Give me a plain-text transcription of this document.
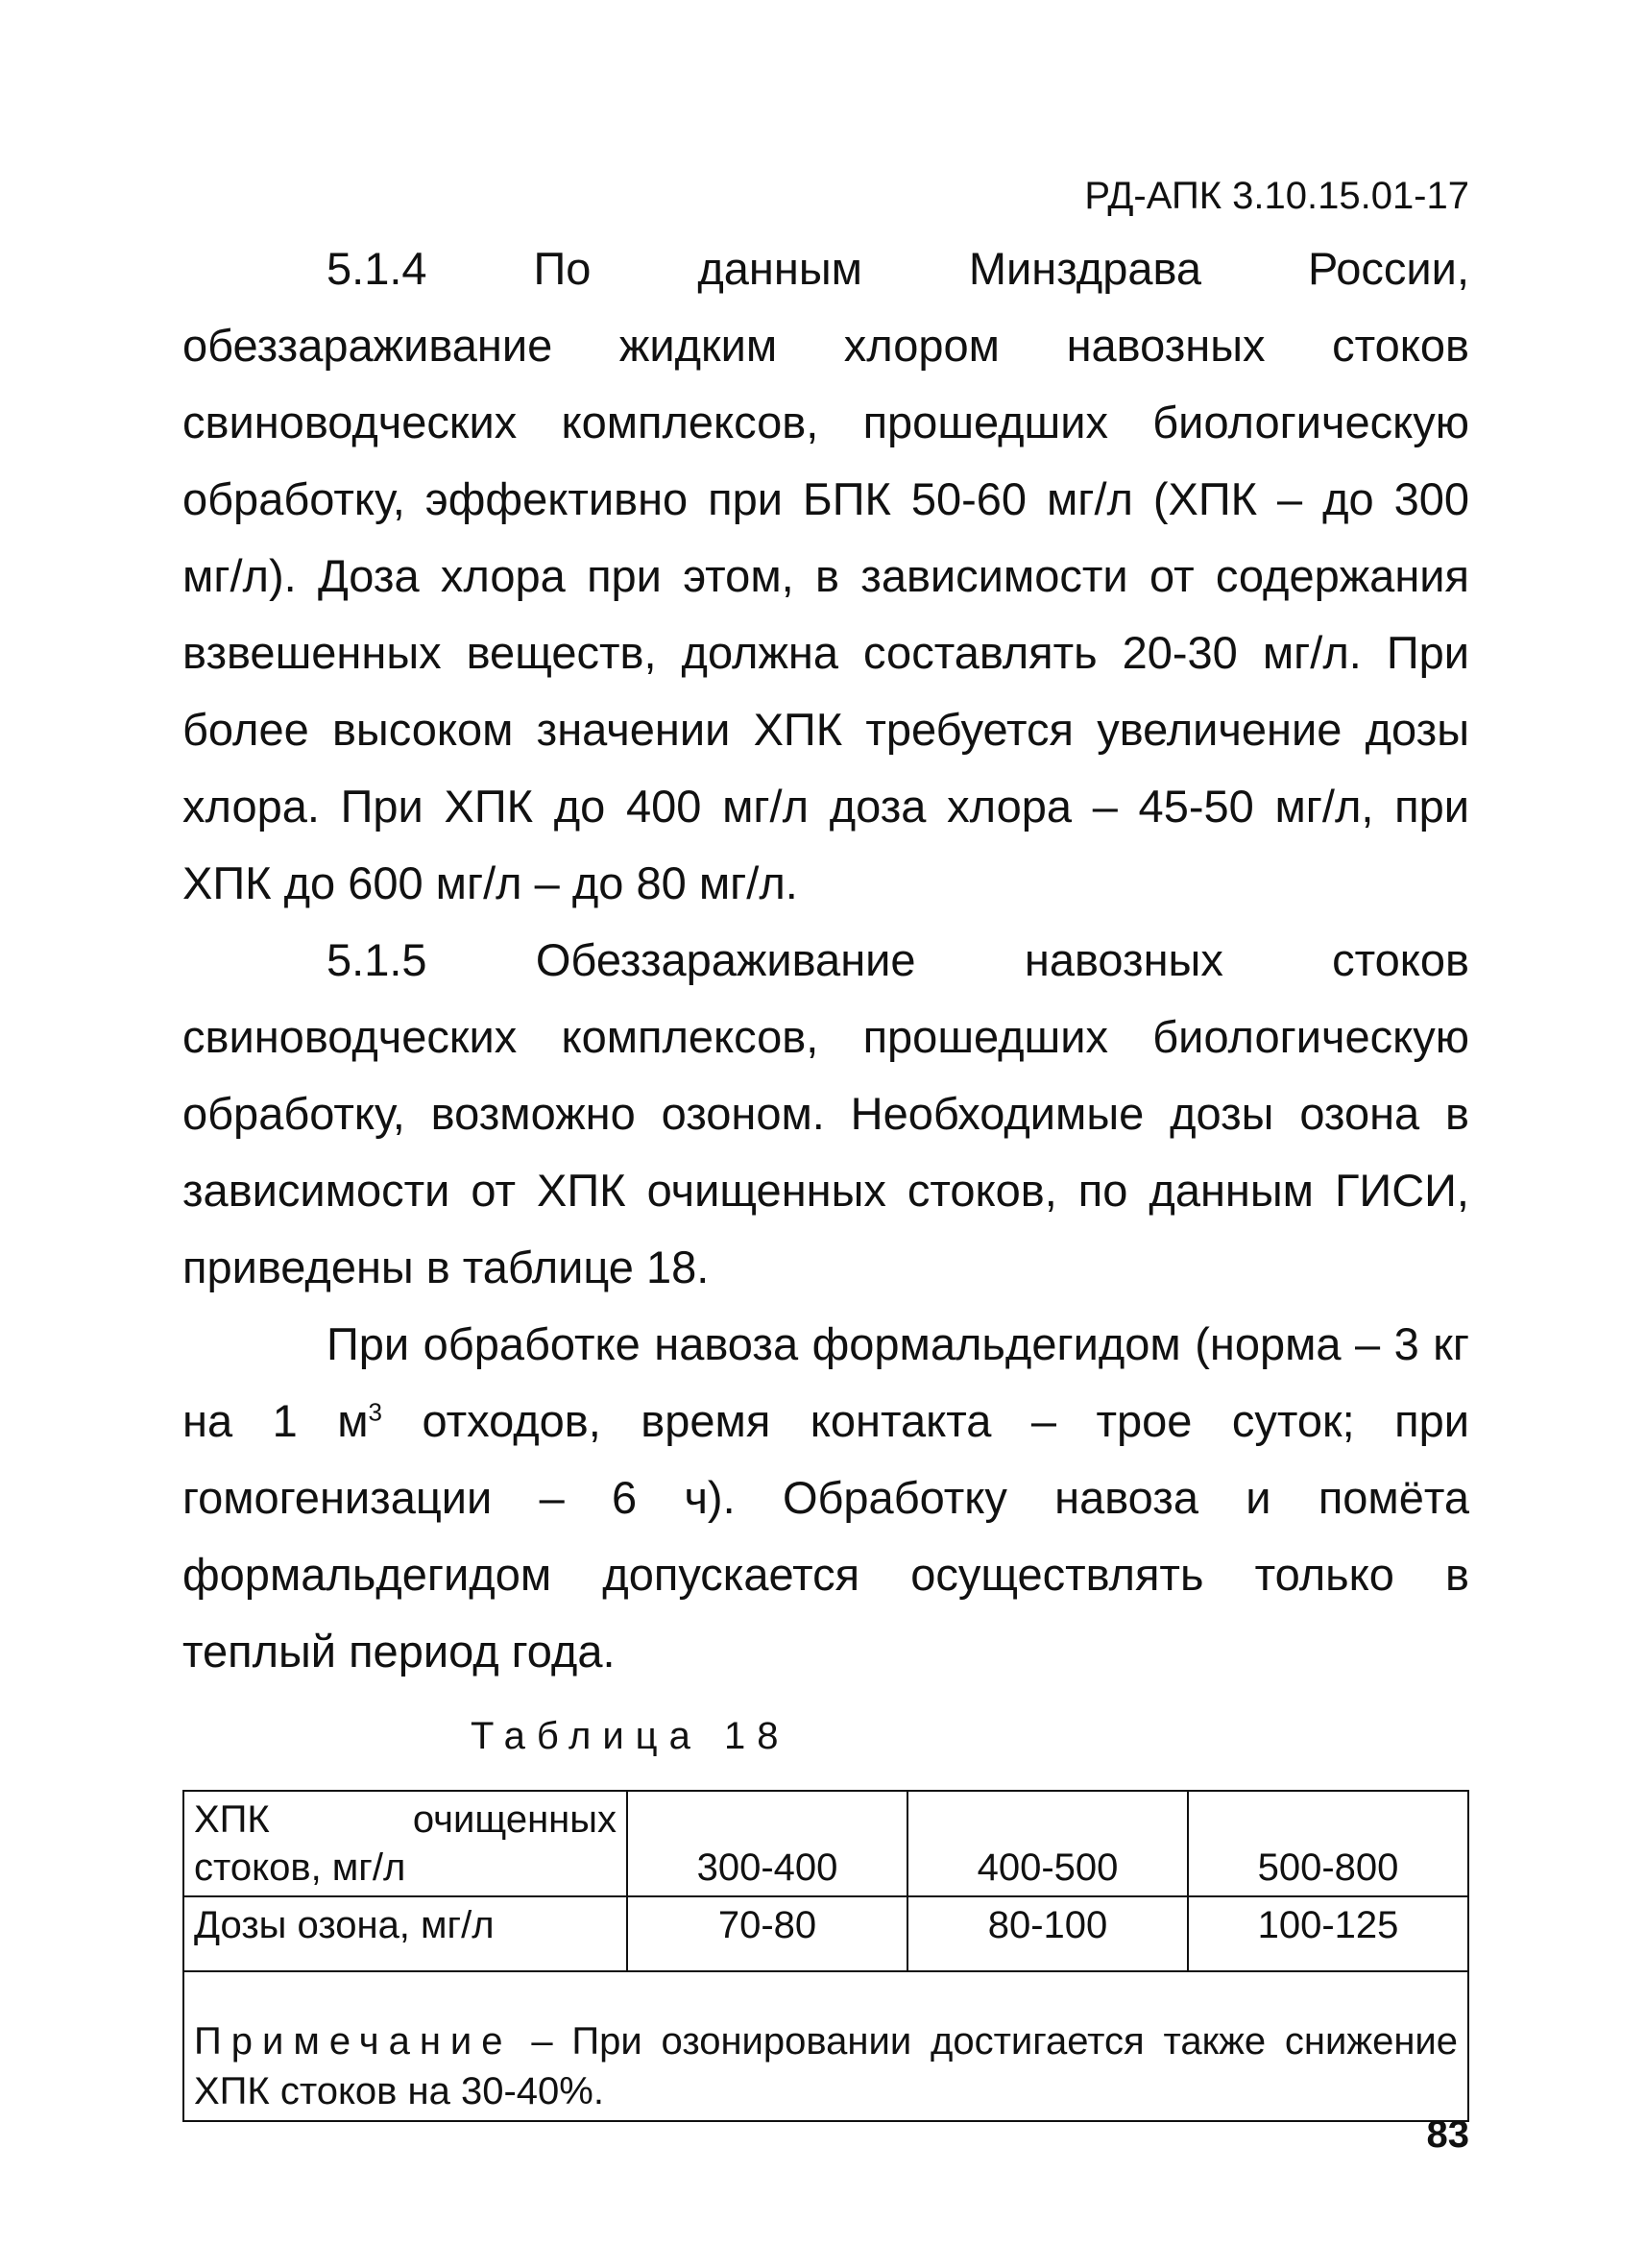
РД-АПК 3.10.15.01-17

5.1.4 По данным Минздрава России, обеззараживание жидким хлором навозных стоков свиноводческих комплексов, прошедших биологическую обработку, эффективно при БПК 50-60 мг/л (ХПК – до 300 мг/л). Доза хлора при этом, в зависимости от содержания взвешенных веществ, должна составлять 20-30 мг/л. При более высоком значении ХПК требуется увеличение дозы хлора. При ХПК до 400 мг/л доза хлора – 45-50 мг/л, при ХПК до 600 мг/л – до 80 мг/л.

5.1.5 Обеззараживание навозных стоков свиноводческих комплексов, прошедших биологическую обработку, возможно озоном. Необходимые дозы озона в зависимости от ХПК очищенных стоков, по данным ГИСИ, приведены в таблице 18.

При обработке навоза формальдегидом (норма – 3 кг на 1 $м^3$ отходов, время контакта – трое суток; при гомогенизации – 6 ч). Обработку навоза и помёта формальдегидом допускается осуществлять только в теплый период года.

Таблица 18

ХПК очищенных стоков, мг/л	300-400	400-500	500-800
Дозы озона, мг/л	70-80	80-100	100-125
Примечание – При озонировании достигается также снижение ХПК стоков на 30-40%.			
83
